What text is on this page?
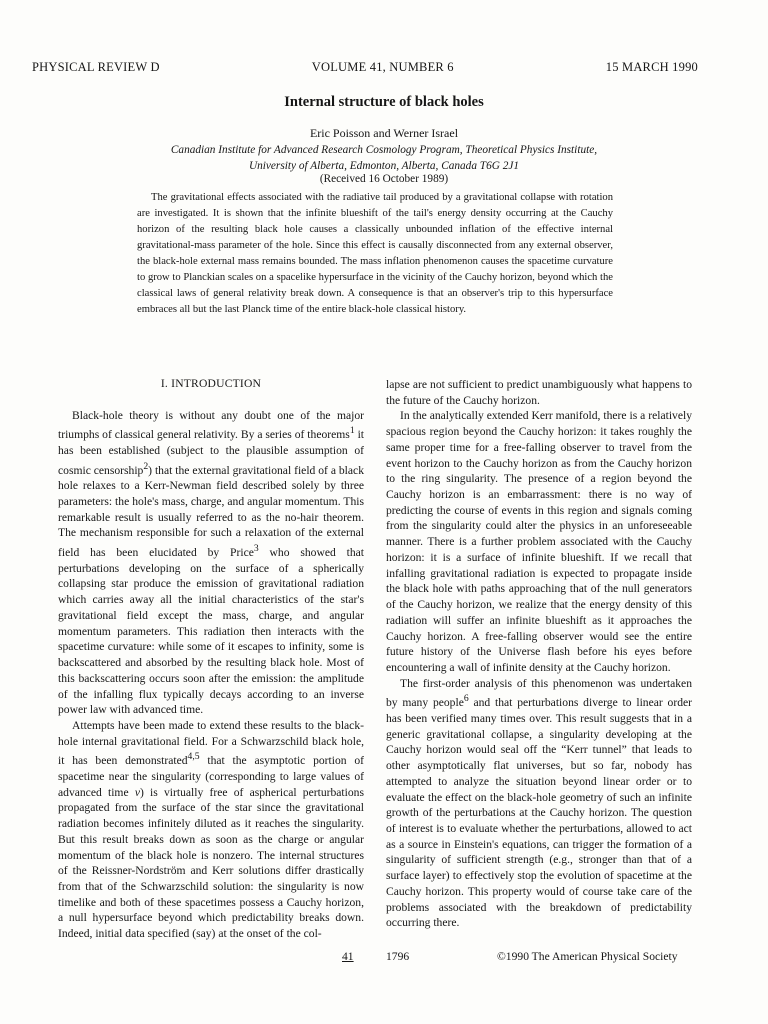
PHYSICAL REVIEW D	VOLUME 41, NUMBER 6	15 MARCH 1990
Internal structure of black holes
Eric Poisson and Werner Israel
Canadian Institute for Advanced Research Cosmology Program, Theoretical Physics Institute,
University of Alberta, Edmonton, Alberta, Canada T6G 2J1
(Received 16 October 1989)

The gravitational effects associated with the radiative tail produced by a gravitational collapse with rotation are investigated. It is shown that the infinite blueshift of the tail's energy density occurring at the Cauchy horizon of the resulting black hole causes a classically unbounded inflation of the effective internal gravitational-mass parameter of the hole. Since this effect is causally disconnected from any external observer, the black-hole external mass remains bounded. The mass inflation phenomenon causes the spacetime curvature to grow to Planckian scales on a spacelike hypersurface in the vicinity of the Cauchy horizon, beyond which the classical laws of general relativity break down. A consequence is that an observer's trip to this hypersurface embraces all but the last Planck time of the entire black-hole classical history.

I. INTRODUCTION

Black-hole theory is without any doubt one of the major triumphs of classical general relativity. By a series of theorems$^1$ it has been established (subject to the plausible assumption of cosmic censorship$^2$) that the external gravitational field of a black hole relaxes to a Kerr-Newman field described solely by three parameters: the hole's mass, charge, and angular momentum. This remarkable result is usually referred to as the no-hair theorem. The mechanism responsible for such a relaxation of the external field has been elucidated by Price$^3$ who showed that perturbations developing on the surface of a spherically collapsing star produce the emission of gravitational radiation which carries away all the initial characteristics of the star's gravitational field except the mass, charge, and angular momentum parameters. This radiation then interacts with the spacetime curvature: while some of it escapes to infinity, some is backscattered and absorbed by the resulting black hole. Most of this backscattering occurs soon after the emission: the amplitude of the infalling flux typically decays according to an inverse power law with advanced time.

Attempts have been made to extend these results to the black-hole internal gravitational field. For a Schwarzschild black hole, it has been demonstrated$^{4,5}$ that the asymptotic portion of spacetime near the singularity (corresponding to large values of advanced time v) is virtually free of aspherical perturbations propagated from the surface of the star since the gravitational radiation becomes infinitely diluted as it reaches the singularity. But this result breaks down as soon as the charge or angular momentum of the black hole is nonzero. The internal structures of the Reissner-Nordström and Kerr solutions differ drastically from that of the Schwarzschild solution: the singularity is now timelike and both of these spacetimes possess a Cauchy horizon, a null hypersurface beyond which predictability breaks down. Indeed, initial data specified (say) at the onset of the col-

lapse are not sufficient to predict unambiguously what happens to the future of the Cauchy horizon.

In the analytically extended Kerr manifold, there is a relatively spacious region beyond the Cauchy horizon: it takes roughly the same proper time for a free-falling observer to travel from the event horizon to the Cauchy horizon as from the Cauchy horizon to the ring singularity. The presence of a region beyond the Cauchy horizon is an embarrassment: there is no way of predicting the course of events in this region and signals coming from the singularity could alter the physics in an unforeseeable manner. There is a further problem associated with the Cauchy horizon: it is a surface of infinite blueshift. If we recall that infalling gravitational radiation is expected to propagate inside the black hole with paths approaching that of the null generators of the Cauchy horizon, we realize that the energy density of this radiation will suffer an infinite blueshift as it approaches the Cauchy horizon. A free-falling observer would see the entire future history of the Universe flash before his eyes before encountering a wall of infinite density at the Cauchy horizon.

The first-order analysis of this phenomenon was undertaken by many people$^6$ and that perturbations diverge to linear order has been verified many times over. This result suggests that in a generic gravitational collapse, a singularity developing at the Cauchy horizon would seal off the “Kerr tunnel” that leads to other asymptotically flat universes, but so far, nobody has attempted to analyze the situation beyond linear order or to evaluate the effect on the black-hole geometry of such an infinite growth of the perturbations at the Cauchy horizon. The question of interest is to evaluate whether the perturbations, allowed to act as a source in Einstein's equations, can trigger the formation of a singularity of sufficient strength (e.g., stronger than that of a surface layer) to effectively stop the evolution of spacetime at the Cauchy horizon. This property would of course take care of the problems associated with the breakdown of predictability occurring there.

41	1796	©1990 The American Physical Society
